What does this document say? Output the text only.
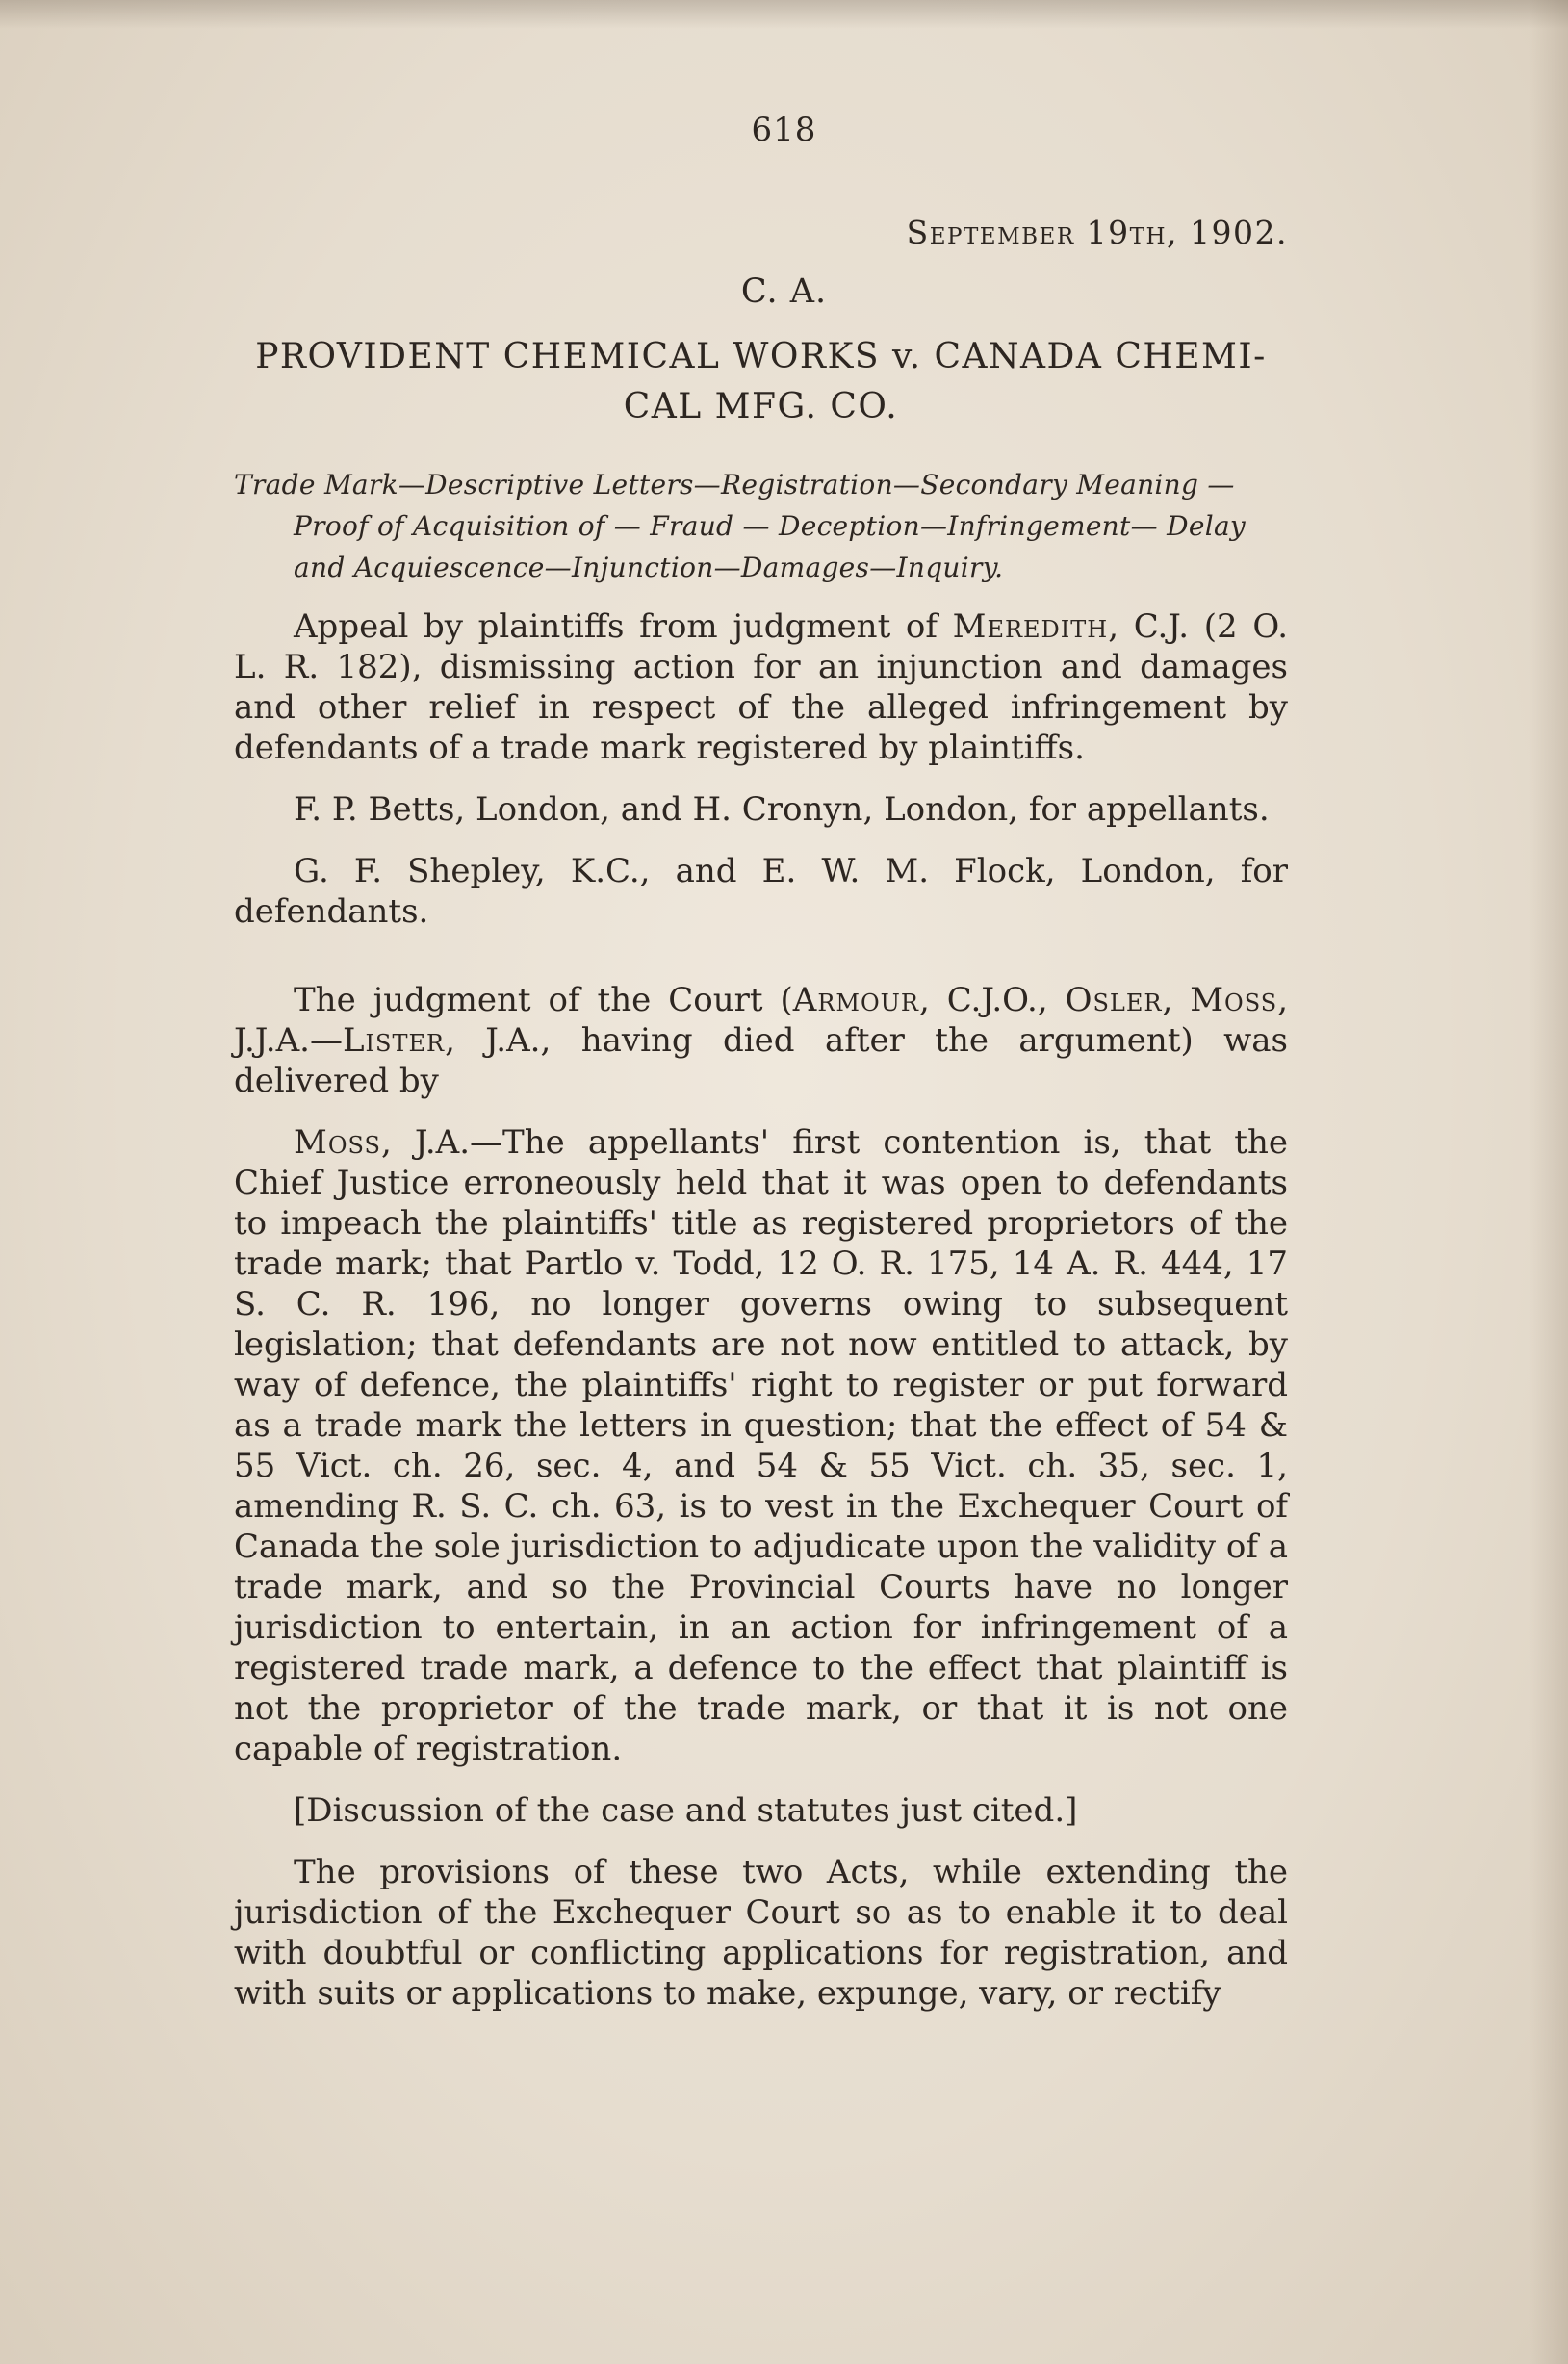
618
September 19th, 1902.
C. A.
PROVIDENT CHEMICAL WORKS v. CANADA CHEMI-CAL MFG. CO.
Trade Mark—Descriptive Letters—Registration—Secondary Meaning —Proof of Acquisition of — Fraud — Deception—Infringement— Delay and Acquiescence—Injunction—Damages—Inquiry.

Appeal by plaintiffs from judgment of Meredith, C.J. (2 O. L. R. 182), dismissing action for an injunction and damages and other relief in respect of the alleged infringement by defendants of a trade mark registered by plaintiffs.

F. P. Betts, London, and H. Cronyn, London, for appellants.

G. F. Shepley, K.C., and E. W. M. Flock, London, for defendants.

The judgment of the Court (Armour, C.J.O., Osler, Moss, J.J.A.—Lister, J.A., having died after the argument) was delivered by

Moss, J.A.—The appellants' first contention is, that the Chief Justice erroneously held that it was open to defendants to impeach the plaintiffs' title as registered proprietors of the trade mark; that Partlo v. Todd, 12 O. R. 175, 14 A. R. 444, 17 S. C. R. 196, no longer governs owing to subsequent legislation; that defendants are not now entitled to attack, by way of defence, the plaintiffs' right to register or put forward as a trade mark the letters in question; that the effect of 54 & 55 Vict. ch. 26, sec. 4, and 54 & 55 Vict. ch. 35, sec. 1, amending R. S. C. ch. 63, is to vest in the Exchequer Court of Canada the sole jurisdiction to adjudicate upon the validity of a trade mark, and so the Provincial Courts have no longer jurisdiction to entertain, in an action for infringement of a registered trade mark, a defence to the effect that plaintiff is not the proprietor of the trade mark, or that it is not one capable of registration.

[Discussion of the case and statutes just cited.]

The provisions of these two Acts, while extending the jurisdiction of the Exchequer Court so as to enable it to deal with doubtful or conflicting applications for registration, and with suits or applications to make, expunge, vary, or rectify
